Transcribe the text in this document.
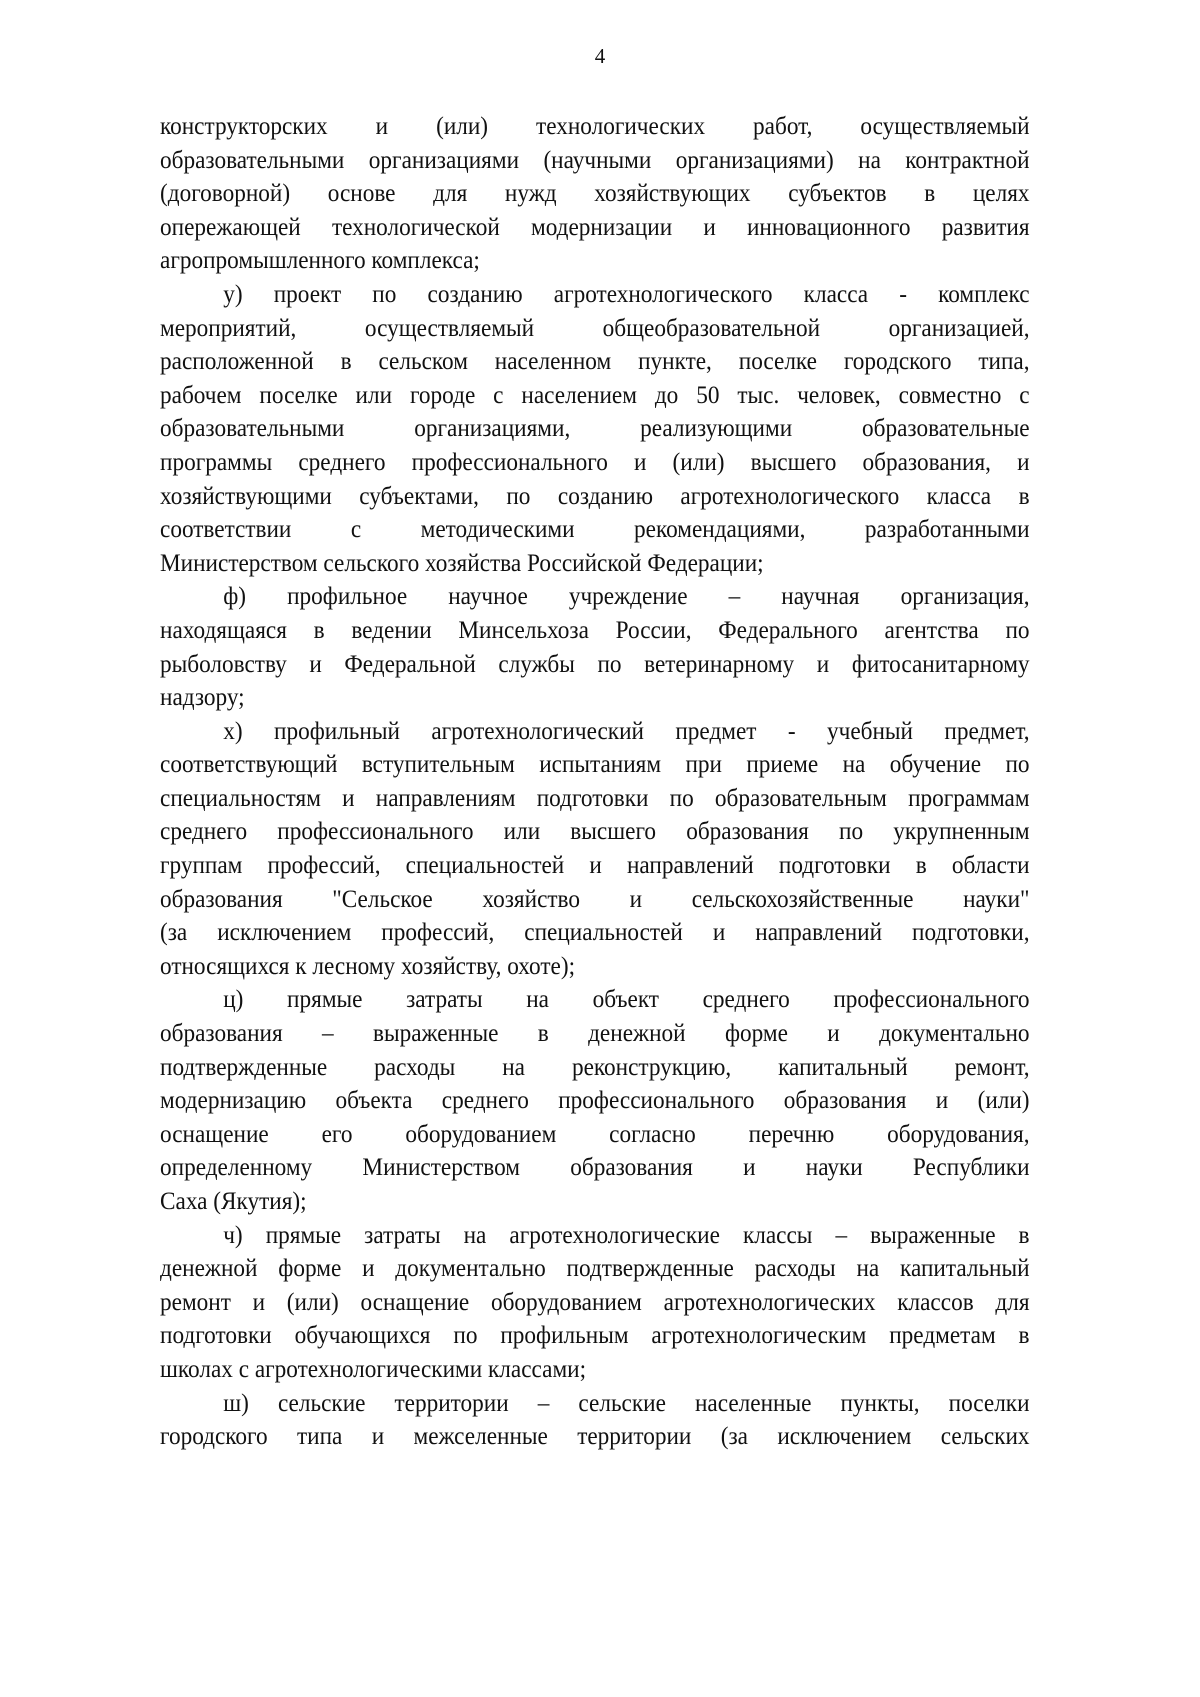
4
конструкторских и (или) технологических работ, осуществляемый
образовательными организациями (научными организациями) на контрактной
(договорной) основе для нужд хозяйствующих субъектов в целях
опережающей технологической модернизации и инновационного развития
агропромышленного комплекса;
у) проект по созданию агротехнологического класса - комплекс
мероприятий, осуществляемый общеобразовательной организацией,
расположенной в сельском населенном пункте, поселке городского типа,
рабочем поселке или городе с населением до 50 тыс. человек, совместно с
образовательными организациями, реализующими образовательные
программы среднего профессионального и (или) высшего образования, и
хозяйствующими субъектами, по созданию агротехнологического класса в
соответствии с методическими рекомендациями, разработанными
Министерством сельского хозяйства Российской Федерации;
ф) профильное научное учреждение – научная организация,
находящаяся в ведении Минсельхоза России, Федерального агентства по
рыболовству и Федеральной службы по ветеринарному и фитосанитарному
надзору;
х) профильный агротехнологический предмет - учебный предмет,
соответствующий вступительным испытаниям при приеме на обучение по
специальностям и направлениям подготовки по образовательным программам
среднего профессионального или высшего образования по укрупненным
группам профессий, специальностей и направлений подготовки в области
образования "Сельское хозяйство и сельскохозяйственные науки"
(за исключением профессий, специальностей и направлений подготовки,
относящихся к лесному хозяйству, охоте);
ц) прямые затраты на объект среднего профессионального
образования – выраженные в денежной форме и документально
подтвержденные расходы на реконструкцию, капитальный ремонт,
модернизацию объекта среднего профессионального образования и (или)
оснащение его оборудованием согласно перечню оборудования,
определенному Министерством образования и науки Республики
Саха (Якутия);
ч) прямые затраты на агротехнологические классы – выраженные в
денежной форме и документально подтвержденные расходы на капитальный
ремонт и (или) оснащение оборудованием агротехнологических классов для
подготовки обучающихся по профильным агротехнологическим предметам в
школах с агротехнологическими классами;
ш) сельские территории – сельские населенные пункты, поселки
городского типа и межселенные территории (за исключением сельских
